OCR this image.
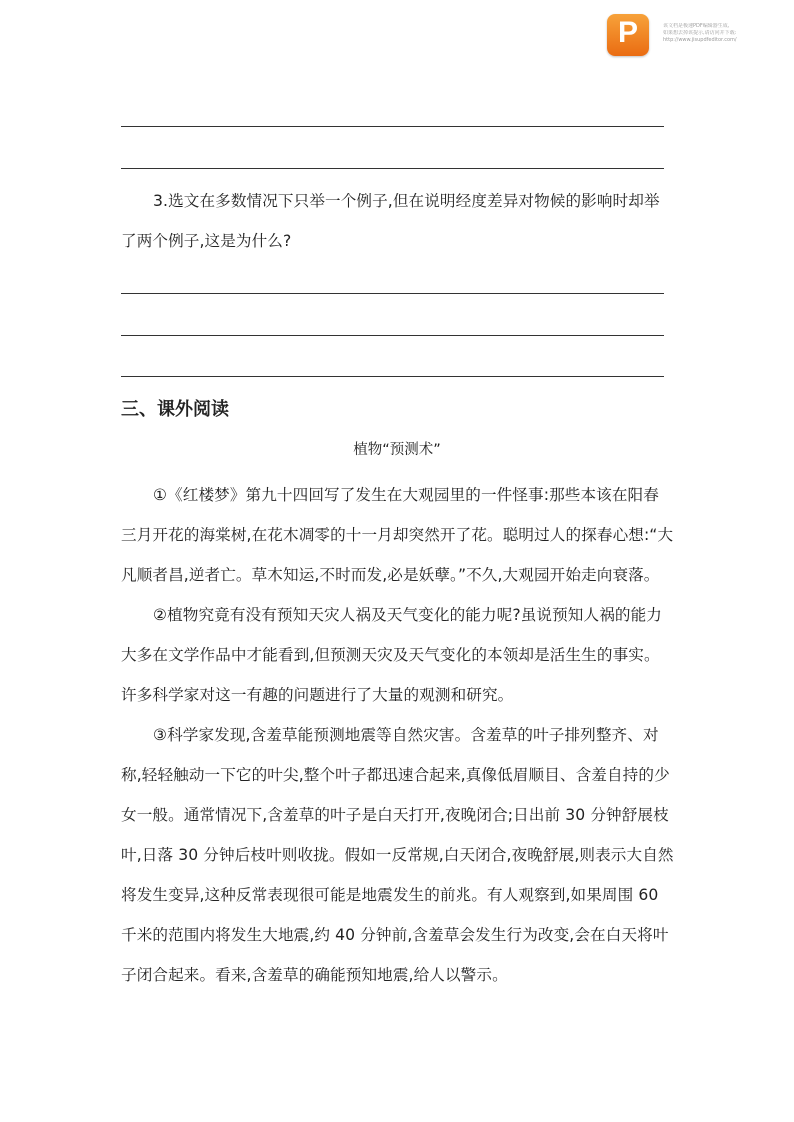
P	该文档是极速PDF编辑器生成,
如果想去掉该提示,请访问并下载:
http://www.jisupdfeditor.com/
3.选文在多数情况下只举一个例子,但在说明经度差异对物候的影响时却举
了两个例子,这是为什么?
三、课外阅读
植物“预测术”
①《红楼梦》第九十四回写了发生在大观园里的一件怪事:那些本该在阳春
三月开花的海棠树,在花木凋零的十一月却突然开了花。聪明过人的探春心想:“大
凡顺者昌,逆者亡。草木知运,不时而发,必是妖孽。”不久,大观园开始走向衰落。
②植物究竟有没有预知天灾人祸及天气变化的能力呢?虽说预知人祸的能力
大多在文学作品中才能看到,但预测天灾及天气变化的本领却是活生生的事实。
许多科学家对这一有趣的问题进行了大量的观测和研究。
③科学家发现,含羞草能预测地震等自然灾害。含羞草的叶子排列整齐、对
称,轻轻触动一下它的叶尖,整个叶子都迅速合起来,真像低眉顺目、含羞自持的少
女一般。通常情况下,含羞草的叶子是白天打开,夜晚闭合;日出前 30 分钟舒展枝
叶,日落 30 分钟后枝叶则收拢。假如一反常规,白天闭合,夜晚舒展,则表示大自然
将发生变异,这种反常表现很可能是地震发生的前兆。有人观察到,如果周围 60
千米的范围内将发生大地震,约 40 分钟前,含羞草会发生行为改变,会在白天将叶
子闭合起来。看来,含羞草的确能预知地震,给人以警示。
